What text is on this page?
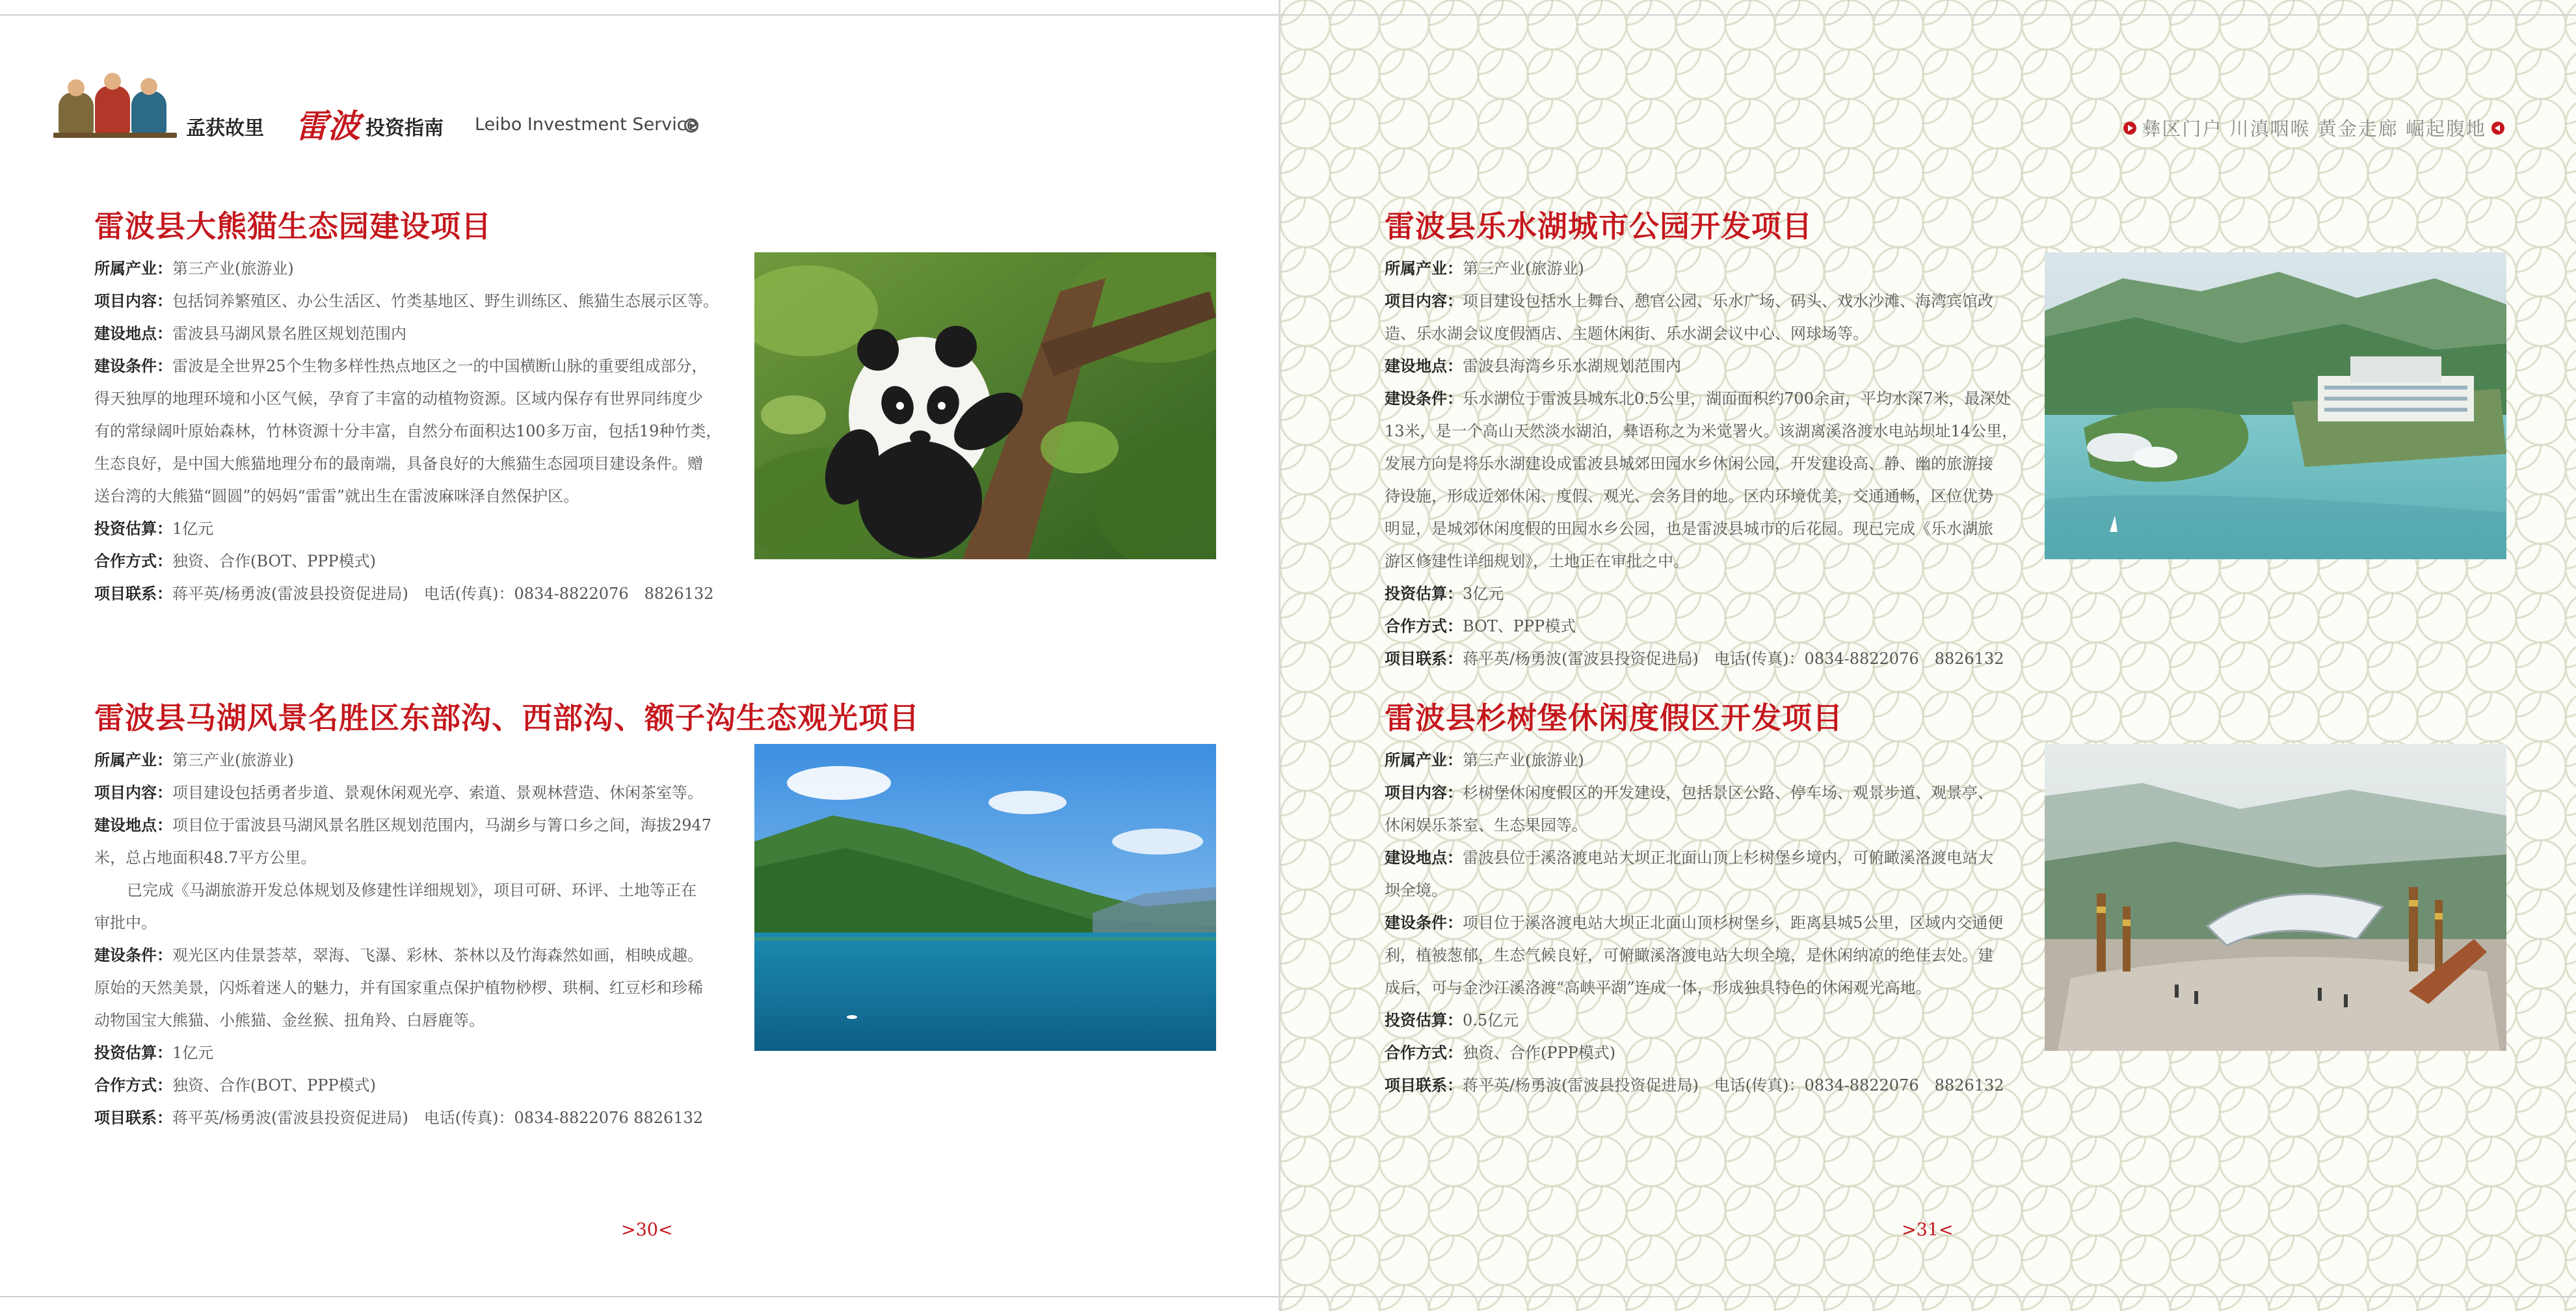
孟获故里 雷波 投资指南 Leibo Investment Service
雷波县大熊猫生态园建设项目
所属产业：第三产业(旅游业)
项目内容：包括饲养繁殖区、办公生活区、竹类基地区、野生训练区、熊猫生态展示区等。
建设地点：雷波县马湖风景名胜区规划范围内
建设条件：雷波是全世界25个生物多样性热点地区之一的中国横断山脉的重要组成部分，
得天独厚的地理环境和小区气候，孕育了丰富的动植物资源。区域内保存有世界同纬度少
有的常绿阔叶原始森林，竹林资源十分丰富，自然分布面积达100多万亩，包括19种竹类，
生态良好，是中国大熊猫地理分布的最南端，具备良好的大熊猫生态园项目建设条件。赠
送台湾的大熊猫“圆圆”的妈妈“雷雷”就出生在雷波麻咪泽自然保护区。
投资估算：1亿元
合作方式：独资、合作(BOT、PPP模式)
项目联系：蒋平英/杨勇波(雷波县投资促进局)　电话(传真)：0834-8822076　8826132
雷波县马湖风景名胜区东部沟、西部沟、额子沟生态观光项目
所属产业：第三产业(旅游业)
项目内容：项目建设包括勇者步道、景观休闲观光亭、索道、景观林营造、休闲茶室等。
建设地点：项目位于雷波县马湖风景名胜区规划范围内，马湖乡与箐口乡之间，海拔2947
米，总占地面积48.7平方公里。
已完成《马湖旅游开发总体规划及修建性详细规划》，项目可研、环评、土地等正在
审批中。
建设条件：观光区内佳景荟萃，翠海、飞瀑、彩林、茶林以及竹海森然如画，相映成趣。
原始的天然美景，闪烁着迷人的魅力，并有国家重点保护植物桫椤、珙桐、红豆杉和珍稀
动物国宝大熊猫、小熊猫、金丝猴、扭角羚、白唇鹿等。
投资估算：1亿元
合作方式：独资、合作(BOT、PPP模式)
项目联系：蒋平英/杨勇波(雷波县投资促进局)　电话(传真)：0834-8822076 8826132
>30<
彝区门户 川滇咽喉 黄金走廊 崛起腹地
雷波县乐水湖城市公园开发项目
所属产业：第三产业(旅游业)
项目内容：项目建设包括水上舞台、憩官公园、乐水广场、码头、戏水沙滩、海湾宾馆改
造、乐水湖会议度假酒店、主题休闲街、乐水湖会议中心、网球场等。
建设地点：雷波县海湾乡乐水湖规划范围内
建设条件：乐水湖位于雷波县城东北0.5公里，湖面面积约700余亩，平均水深7米，最深处
13米，是一个高山天然淡水湖泊，彝语称之为米觉署火。该湖离溪洛渡水电站坝址14公里，
发展方向是将乐水湖建设成雷波县城郊田园水乡休闲公园，开发建设高、静、幽的旅游接
待设施，形成近郊休闲、度假、观光、会务目的地。区内环境优美，交通通畅，区位优势
明显，是城郊休闲度假的田园水乡公园，也是雷波县城市的后花园。现已完成《乐水湖旅
游区修建性详细规划》，土地正在审批之中。
投资估算：3亿元
合作方式：BOT、PPP模式
项目联系：蒋平英/杨勇波(雷波县投资促进局)　电话(传真)：0834-8822076　8826132
雷波县杉树堡休闲度假区开发项目
所属产业：第三产业(旅游业)
项目内容：杉树堡休闲度假区的开发建设，包括景区公路、停车场、观景步道、观景亭、
休闲娱乐茶室、生态果园等。
建设地点：雷波县位于溪洛渡电站大坝正北面山顶上杉树堡乡境内，可俯瞰溪洛渡电站大
坝全境。
建设条件：项目位于溪洛渡电站大坝正北面山顶杉树堡乡，距离县城5公里，区域内交通便
利，植被葱郁，生态气候良好，可俯瞰溪洛渡电站大坝全境，是休闲纳凉的绝佳去处。建
成后，可与金沙江溪洛渡“高峡平湖”连成一体，形成独具特色的休闲观光高地。
投资估算：0.5亿元
合作方式：独资、合作(PPP模式)
项目联系：蒋平英/杨勇波(雷波县投资促进局)　电话(传真)：0834-8822076　8826132
>31<
